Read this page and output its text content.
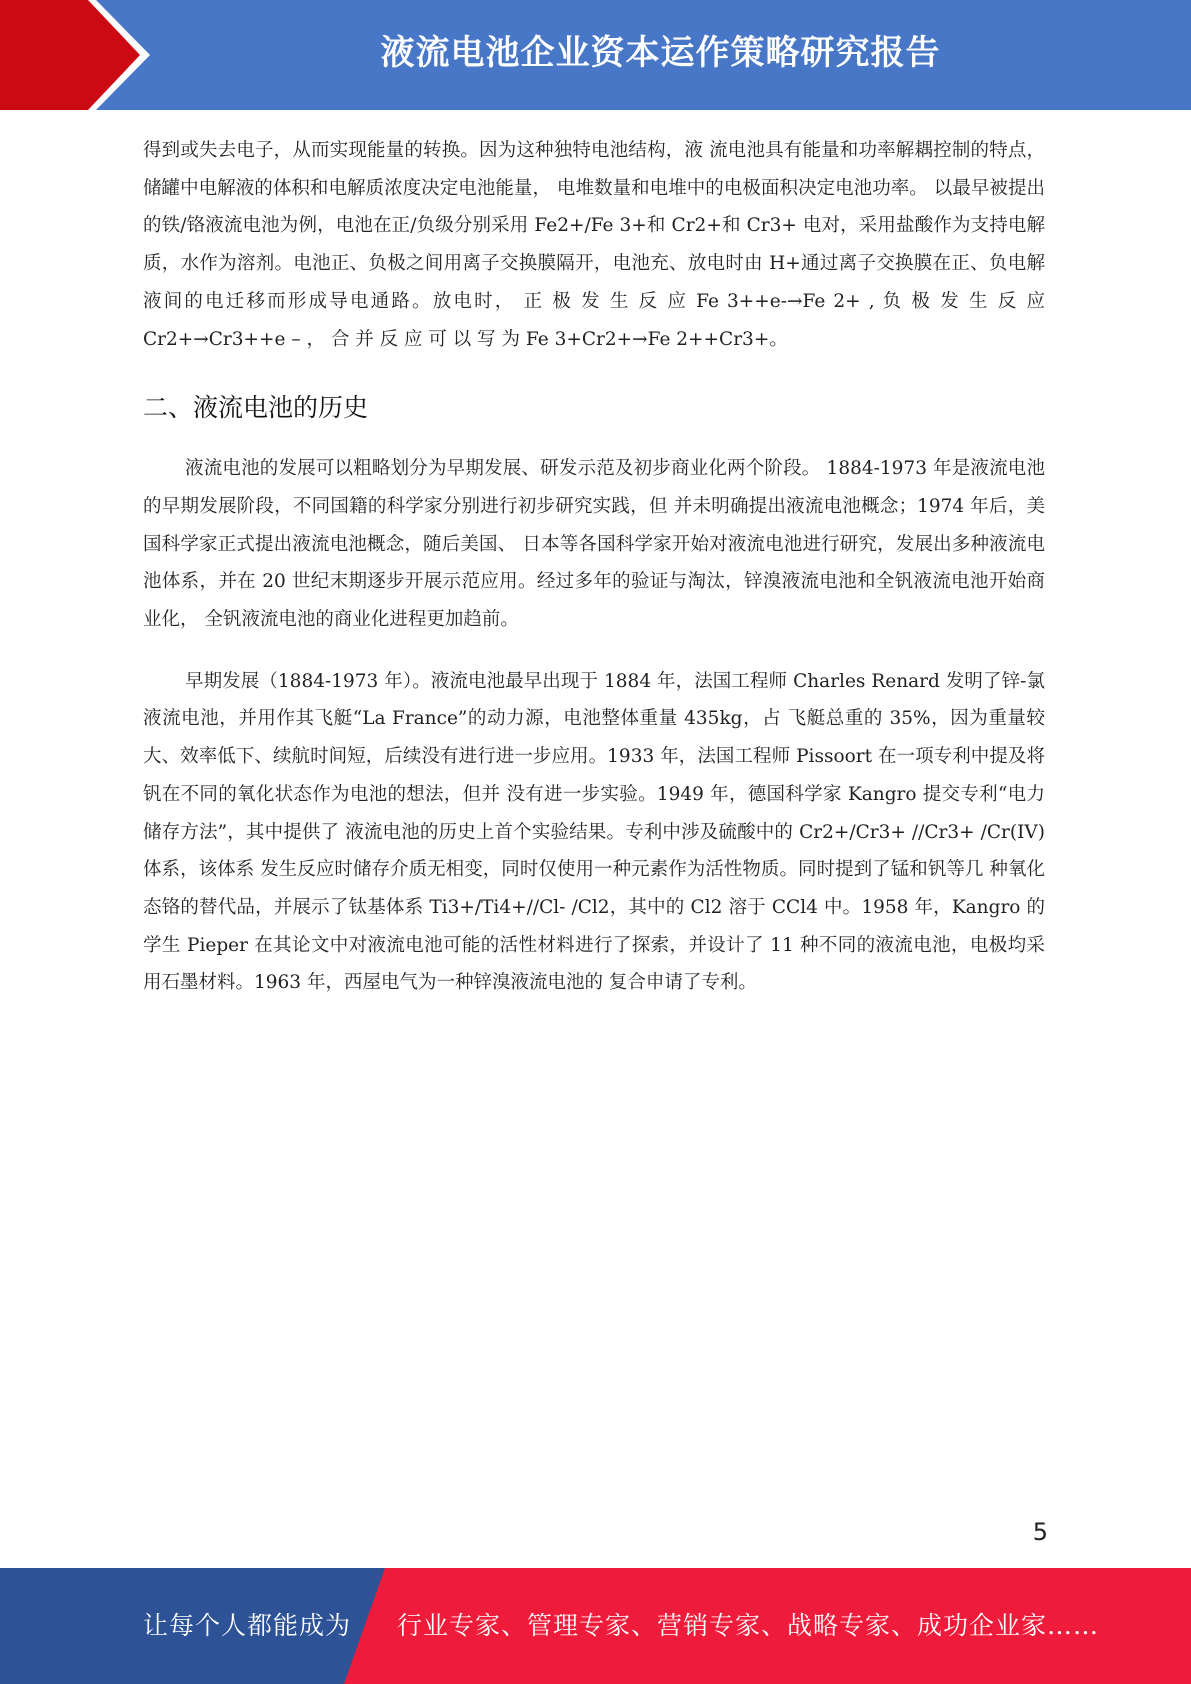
液流电池企业资本运作策略研究报告

得到或失去电子，从而实现能量的转换。因为这种独特电池结构，液 流电池具有能量和功率解耦控制的特点，储罐中电解液的体积和电解质浓度决定电池能量， 电堆数量和电堆中的电极面积决定电池功率。 以最早被提出的铁/铬液流电池为例，电池在正/负级分别采用 Fe2+/Fe 3+和 Cr2+和 Cr3+ 电对，采用盐酸作为支持电解质，水作为溶剂。电池正、负极之间用离子交换膜隔开，电池充、放电时由 H+通过离子交换膜在正、负电解液间的电迁移而形成导电通路。放电时， 正 极 发 生 反 应 Fe 3++e-→Fe 2+ , 负 极 发 生 反 应 Cr2+→Cr3++e – ， 合 并 反 应 可 以 写 为 Fe 3+Cr2+→Fe 2++Cr3+。

二、液流电池的历史

液流电池的发展可以粗略划分为早期发展、研发示范及初步商业化两个阶段。 1884-1973 年是液流电池的早期发展阶段，不同国籍的科学家分别进行初步研究实践，但 并未明确提出液流电池概念；1974 年后，美国科学家正式提出液流电池概念，随后美国、 日本等各国科学家开始对液流电池进行研究，发展出多种液流电池体系，并在 20 世纪末期逐步开展示范应用。经过多年的验证与淘汰，锌溴液流电池和全钒液流电池开始商业化， 全钒液流电池的商业化进程更加趋前。

早期发展（1884-1973 年）。液流电池最早出现于 1884 年，法国工程师 Charles Renard 发明了锌-氯液流电池，并用作其飞艇“La France”的动力源，电池整体重量 435kg，占 飞艇总重的 35%，因为重量较大、效率低下、续航时间短，后续没有进行进一步应用。1933 年，法国工程师 Pissoort 在一项专利中提及将钒在不同的氧化状态作为电池的想法，但并 没有进一步实验。1949 年，德国科学家 Kangro 提交专利“电力储存方法”，其中提供了 液流电池的历史上首个实验结果。专利中涉及硫酸中的 Cr2+/Cr3+ //Cr3+ /Cr(IV)体系，该体系 发生反应时储存介质无相变，同时仅使用一种元素作为活性物质。同时提到了锰和钒等几 种氧化态铬的替代品，并展示了钛基体系 Ti3+/Ti4+//Cl- /Cl2，其中的 Cl2 溶于 CCl4 中。1958 年，Kangro 的学生 Pieper 在其论文中对液流电池可能的活性材料进行了探索，并设计了 11 种不同的液流电池，电极均采用石墨材料。1963 年，西屋电气为一种锌溴液流电池的 复合申请了专利。

5
让每个人都能成为 行业专家、管理专家、营销专家、战略专家、成功企业家……
